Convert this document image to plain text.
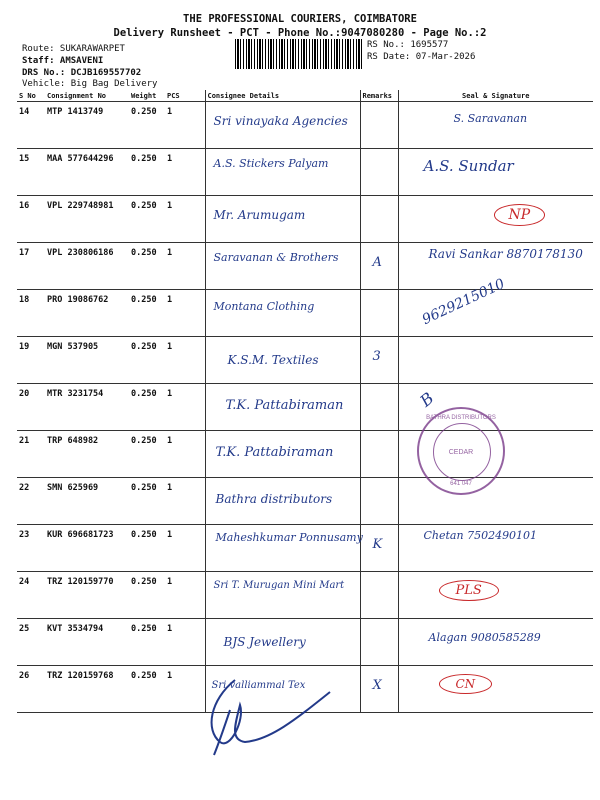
THE PROFESSIONAL COURIERS, COIMBATORE
Delivery Runsheet - PCT - Phone No.:9047080280 - Page No.:2
Route: SUKARAWARPET
Staff: AMSAVENI
DRS No.: DCJB169557702
Vehicle: Big Bag Delivery
RS No.: 1695577
RS Date: 07-Mar-2026
S No	Consignment No	Weight	PCS	Consignee Details	Remarks	Seal & Signature
14	MTP 1413749	0.250	1	Sri vinayaka Agencies		S. Saravanan

15	MAA 577644296	0.250	1	A.S. Stickers Palyam		A.S. Sundar

16	VPL 229748981	0.250	1	Mr. Arumugam		NP

17	VPL 230806186	0.250	1	Saravanan & Brothers	A	Ravi Sankar 8870178130

18	PRO 19086762	0.250	1	Montana Clothing		9629215010

19	MGN 537905	0.250	1	K.S.M. Textiles	3	

20	MTR 3231754	0.250	1	T.K. Pattabiraman		B

21	TRP 648982	0.250	1	T.K. Pattabiraman		

22	SMN 625969	0.250	1	Bathra distributors		

23	KUR 696681723	0.250	1	Maheshkumar Ponnusamy	K	Chetan 7502490101

24	TRZ 120159770	0.250	1	Sri T. Murugan Mini Mart		PLS

25	KVT 3534794	0.250	1	BJS Jewellery		Alagan 9080585289

26	TRZ 120159768	0.250	1	Sri valliammal Tex	X	CN
BATHRA DISTRIBUTORS
CEDAR
641 047
